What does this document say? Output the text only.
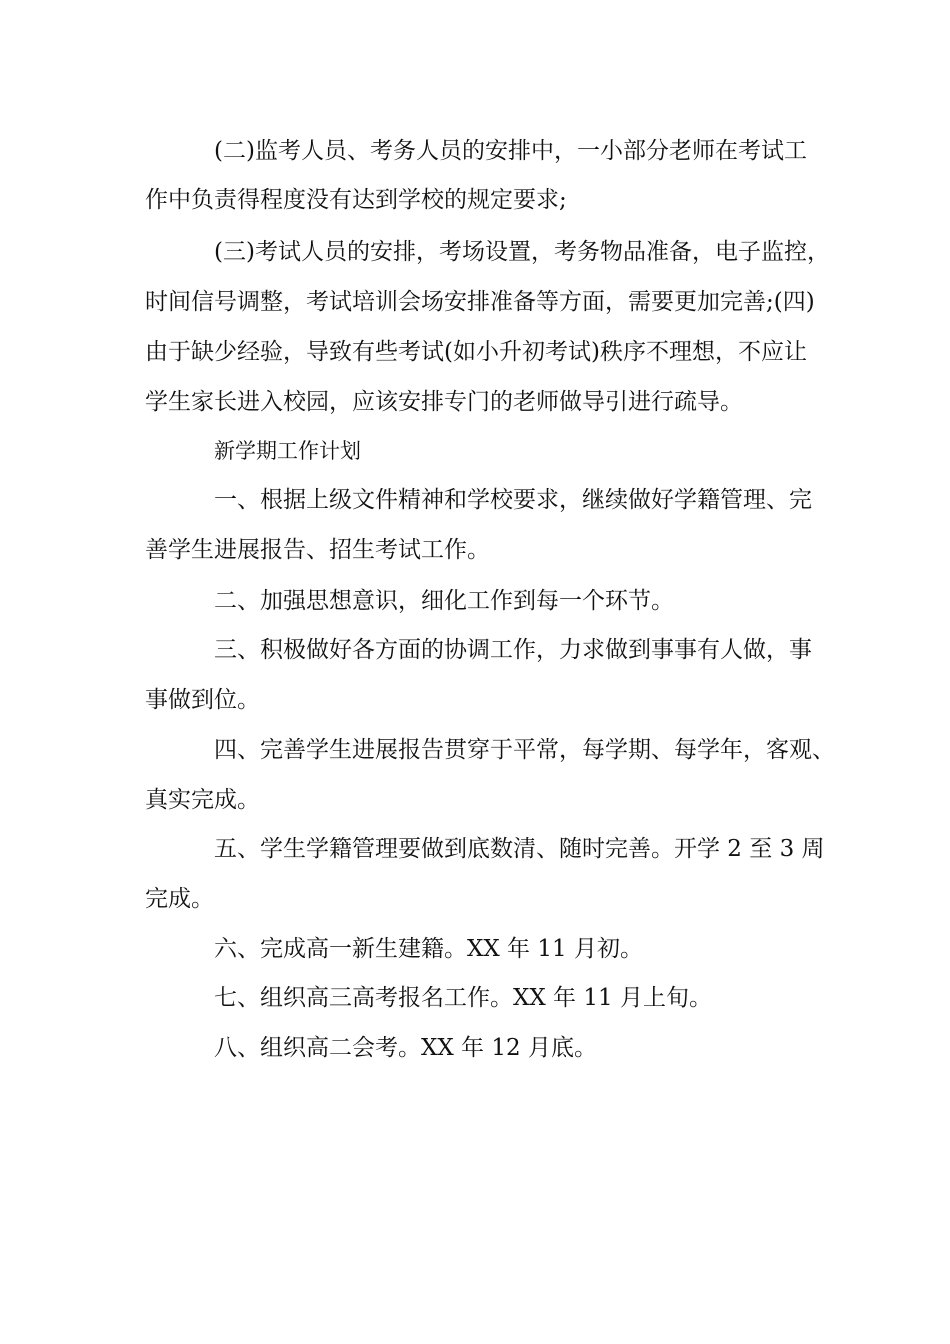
(二)监考人员、考务人员的安排中，一小部分老师在考试工

作中负责得程度没有达到学校的规定要求;

(三)考试人员的安排，考场设置，考务物品准备，电子监控，

时间信号调整，考试培训会场安排准备等方面，需要更加完善;(四)

由于缺少经验，导致有些考试(如小升初考试)秩序不理想，不应让

学生家长进入校园，应该安排专门的老师做导引进行疏导。

新学期工作计划

一、根据上级文件精神和学校要求，继续做好学籍管理、完

善学生进展报告、招生考试工作。

二、加强思想意识，细化工作到每一个环节。

三、积极做好各方面的协调工作，力求做到事事有人做，事

事做到位。

四、完善学生进展报告贯穿于平常，每学期、每学年，客观、

真实完成。

五、学生学籍管理要做到底数清、随时完善。开学 2 至 3 周

完成。

六、完成高一新生建籍。XX 年 11 月初。

七、组织高三高考报名工作。XX 年 11 月上旬。

八、组织高二会考。XX 年 12 月底。
